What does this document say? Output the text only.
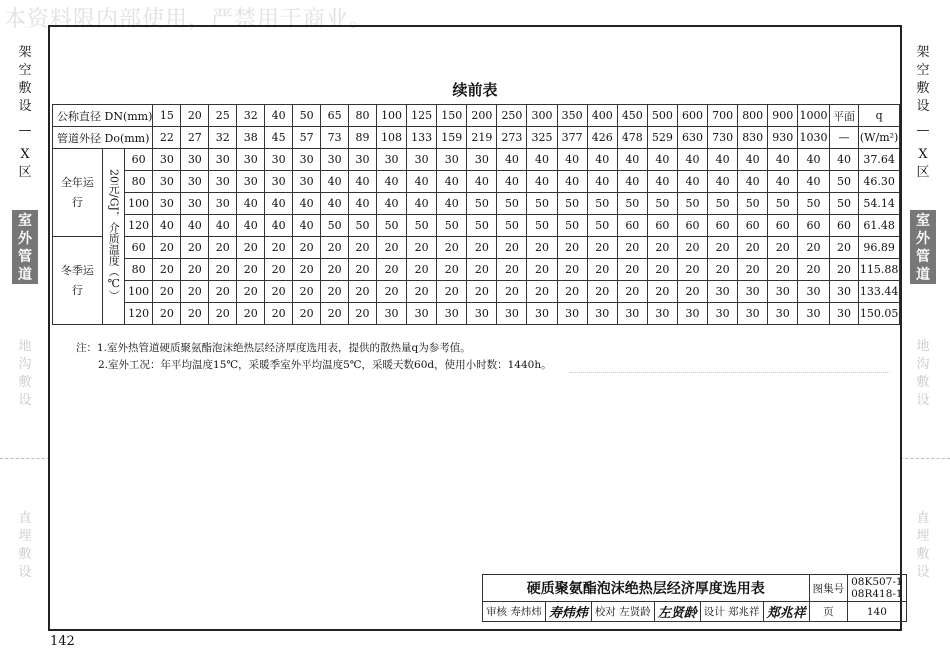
本资料限内部使用，严禁用于商业。
架空敷设
—
X
区
室外管道
地沟敷设
直埋敷设
架空敷设
—
X
区
室外管道
地沟敷设
直埋敷设
续前表
公称直径 DN(mm)			15	20	25	32	40	50	65	80	100	125	150	200	250	300	350	400	450	500	600	700	800	900	1000	平面	q
管道外径 Do(mm)			22	27	32	38	45	57	73	89	108	133	159	219	273	325	377	426	478	529	630	730	830	930	1030	—	(W/m²)
全年运行	20元/GJ，介质温度（℃）	60	30	30	30	30	30	30	30	30	30	30	30	30	40	40	40	40	40	40	40	40	40	40	40	40	37.64
		80	30	30	30	30	30	30	40	40	40	40	40	40	40	40	40	40	40	40	40	40	40	40	40	50	46.30
		100	30	30	30	40	40	40	40	40	40	40	40	50	50	50	50	50	50	50	50	50	50	50	50	50	54.14
		120	40	40	40	40	40	40	50	50	50	50	50	50	50	50	50	50	60	60	60	60	60	60	60	60	61.48
冬季运行		60	20	20	20	20	20	20	20	20	20	20	20	20	20	20	20	20	20	20	20	20	20	20	20	20	96.89
		80	20	20	20	20	20	20	20	20	20	20	20	20	20	20	20	20	20	20	20	20	20	20	20	20	115.88
		100	20	20	20	20	20	20	20	20	20	20	20	20	20	20	20	20	20	20	20	30	30	30	30	30	133.44
		120	20	20	20	20	20	20	20	20	30	30	30	30	30	30	30	30	30	30	30	30	30	30	30	30	150.05
注：1.室外热管道硬质聚氨酯泡沫绝热层经济厚度选用表，提供的散热量q为参考值。
2.室外工况：年平均温度15℃，采暖季室外平均温度5℃，采暖天数60d，使用小时数：1440h。
硬质聚氨酯泡沫绝热层经济厚度选用表						图集号	08K507-1
08R418-1

审核 寿炜炜	寿炜炜	校对 左贤龄	左贤龄	设计 郑兆祥	郑兆祥	页	140
142
